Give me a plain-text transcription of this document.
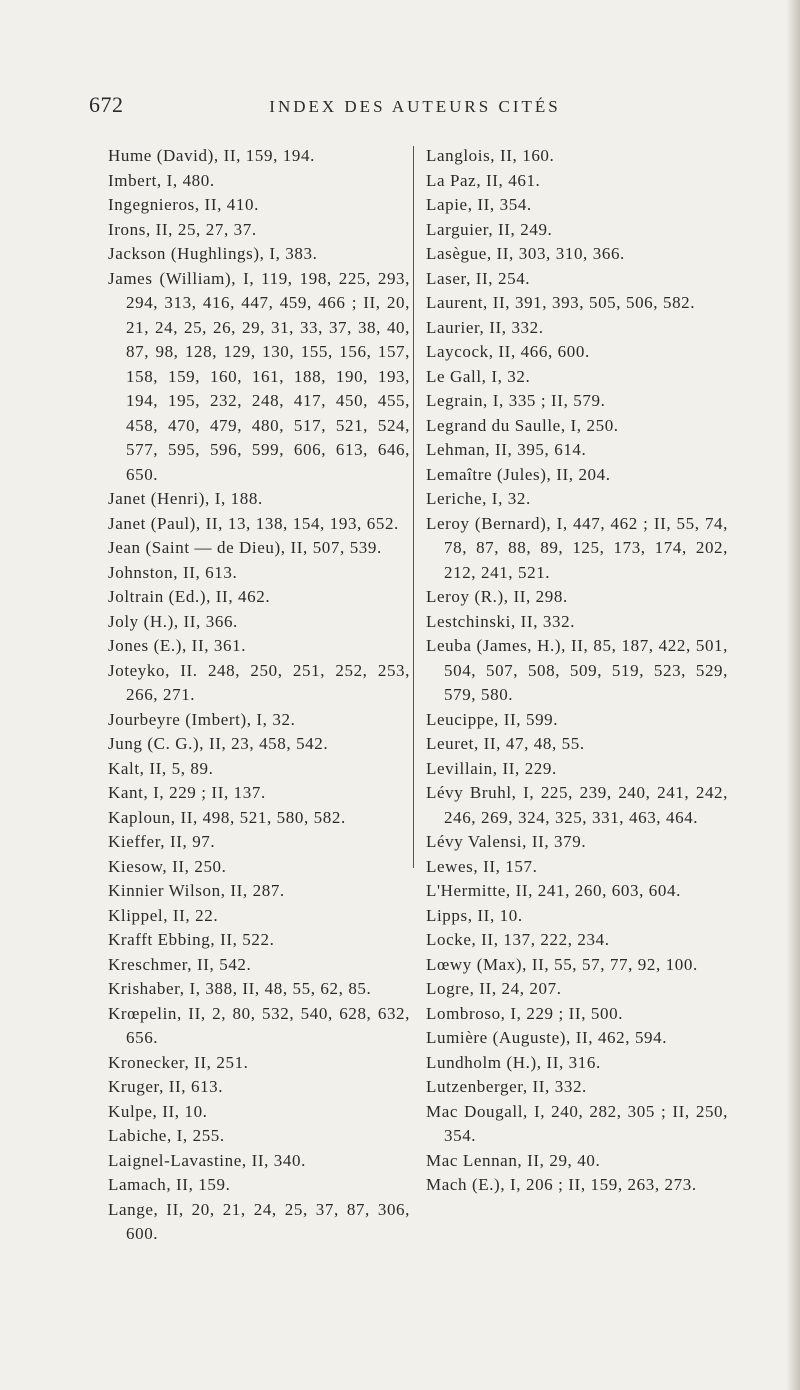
672	INDEX DES AUTEURS CITÉS
Hume (David), II, 159, 194.
Imbert, I, 480.
Ingegnieros, II, 410.
Irons, II, 25, 27, 37.
Jackson (Hughlings), I, 383.
James (William), I, 119, 198, 225, 293, 294, 313, 416, 447, 459, 466 ; II, 20, 21, 24, 25, 26, 29, 31, 33, 37, 38, 40, 87, 98, 128, 129, 130, 155, 156, 157, 158, 159, 160, 161, 188, 190, 193, 194, 195, 232, 248, 417, 450, 455, 458, 470, 479, 480, 517, 521, 524, 577, 595, 596, 599, 606, 613, 646, 650.
Janet (Henri), I, 188.
Janet (Paul), II, 13, 138, 154, 193, 652.
Jean (Saint — de Dieu), II, 507, 539.
Johnston, II, 613.
Joltrain (Ed.), II, 462.
Joly (H.), II, 366.
Jones (E.), II, 361.
Joteyko, II. 248, 250, 251, 252, 253, 266, 271.
Jourbeyre (Imbert), I, 32.
Jung (C. G.), II, 23, 458, 542.
Kalt, II, 5, 89.
Kant, I, 229 ; II, 137.
Kaploun, II, 498, 521, 580, 582.
Kieffer, II, 97.
Kiesow, II, 250.
Kinnier Wilson, II, 287.
Klippel, II, 22.
Krafft Ebbing, II, 522.
Kreschmer, II, 542.
Krishaber, I, 388, II, 48, 55, 62, 85.
Krœpelin, II, 2, 80, 532, 540, 628, 632, 656.
Kronecker, II, 251.
Kruger, II, 613.
Kulpe, II, 10.
Labiche, I, 255.
Laignel-Lavastine, II, 340.
Lamach, II, 159.
Lange, II, 20, 21, 24, 25, 37, 87, 306, 600.
Langlois, II, 160.
La Paz, II, 461.
Lapie, II, 354.
Larguier, II, 249.
Lasègue, II, 303, 310, 366.
Laser, II, 254.
Laurent, II, 391, 393, 505, 506, 582.
Laurier, II, 332.
Laycock, II, 466, 600.
Le Gall, I, 32.
Legrain, I, 335 ; II, 579.
Legrand du Saulle, I, 250.
Lehman, II, 395, 614.
Lemaître (Jules), II, 204.
Leriche, I, 32.
Leroy (Bernard), I, 447, 462 ; II, 55, 74, 78, 87, 88, 89, 125, 173, 174, 202, 212, 241, 521.
Leroy (R.), II, 298.
Lestchinski, II, 332.
Leuba (James, H.), II, 85, 187, 422, 501, 504, 507, 508, 509, 519, 523, 529, 579, 580.
Leucippe, II, 599.
Leuret, II, 47, 48, 55.
Levillain, II, 229.
Lévy Bruhl, I, 225, 239, 240, 241, 242, 246, 269, 324, 325, 331, 463, 464.
Lévy Valensi, II, 379.
Lewes, II, 157.
L'Hermitte, II, 241, 260, 603, 604.
Lipps, II, 10.
Locke, II, 137, 222, 234.
Lœwy (Max), II, 55, 57, 77, 92, 100.
Logre, II, 24, 207.
Lombroso, I, 229 ; II, 500.
Lumière (Auguste), II, 462, 594.
Lundholm (H.), II, 316.
Lutzenberger, II, 332.
Mac Dougall, I, 240, 282, 305 ; II, 250, 354.
Mac Lennan, II, 29, 40.
Mach (E.), I, 206 ; II, 159, 263, 273.
